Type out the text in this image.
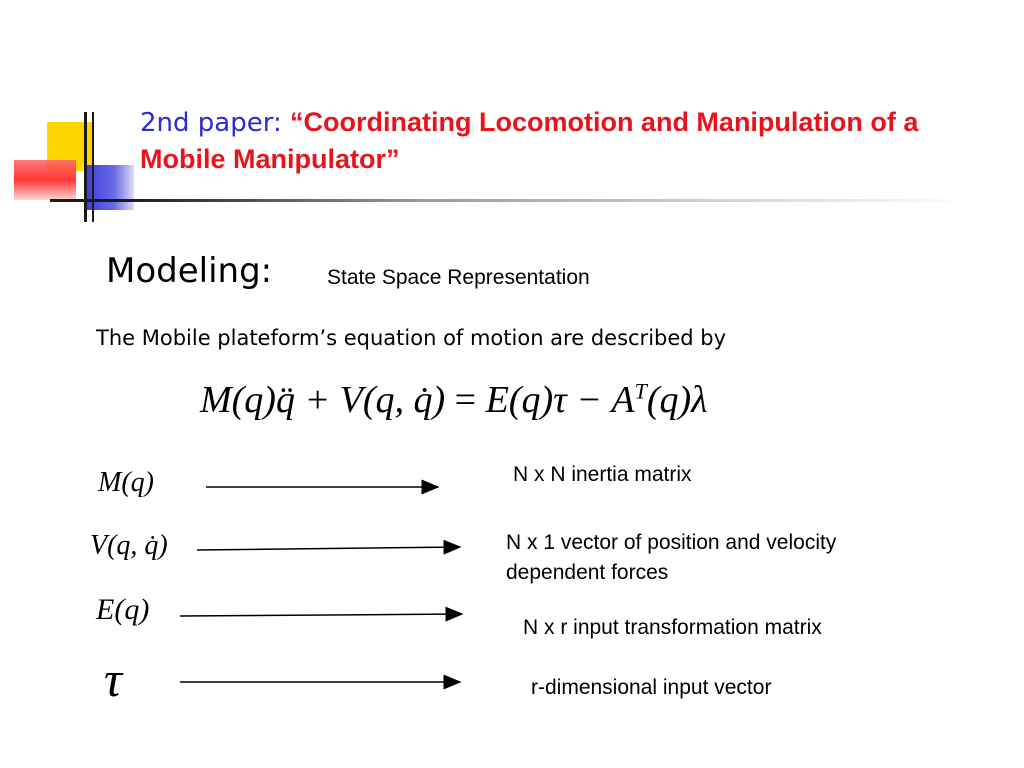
2nd paper: “Coordinating Locomotion and Manipulation of a Mobile Manipulator”
Modeling:	State Space Representation
The Mobile plateform’s equation of motion are described by
M(q)q̈ + V(q, q̇) = $E(q)\tau - A^T(q)\lambda$
M(q)
V(q, q̇)
E(q)
τ
N x N inertia matrix
N x 1 vector of position and velocity
dependent forces
N x r input transformation matrix
r-dimensional input vector
